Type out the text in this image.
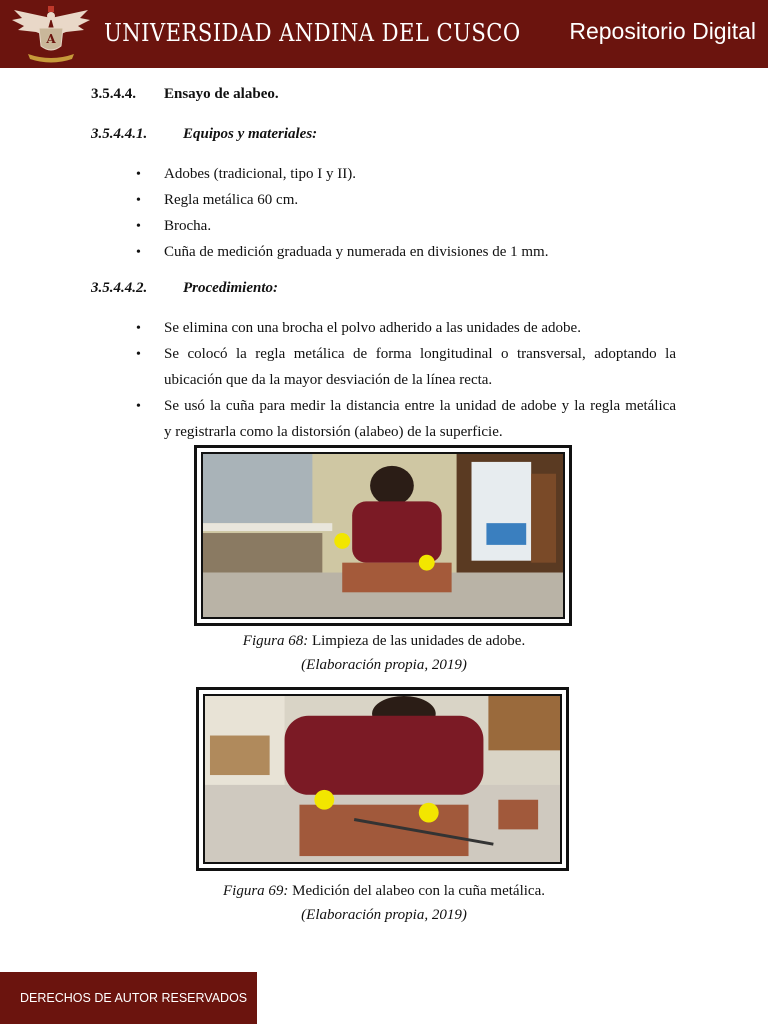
A UNIVERSIDAD ANDINA DEL CUSCO Repositorio Digital
3.5.4.4. Ensayo de alabeo.
3.5.4.4.1. Equipos y materiales:
• Adobes (tradicional, tipo I y II).
• Regla metálica 60 cm.
• Brocha.
• Cuña de medición graduada y numerada en divisiones de 1 mm.
3.5.4.4.2. Procedimiento:
• Se elimina con una brocha el polvo adherido a las unidades de adobe.
• Se colocó la regla metálica de forma longitudinal o transversal, adoptando la
ubicación que da la mayor desviación de la línea recta.
• Se usó la cuña para medir la distancia entre la unidad de adobe y la regla metálica
y registrarla como la distorsión (alabeo) de la superficie.
Figura 68: Limpieza de las unidades de adobe.
(Elaboración propia, 2019)
Figura 69: Medición del alabeo con la cuña metálica.
(Elaboración propia, 2019)
DERECHOS DE AUTOR RESERVADOS
